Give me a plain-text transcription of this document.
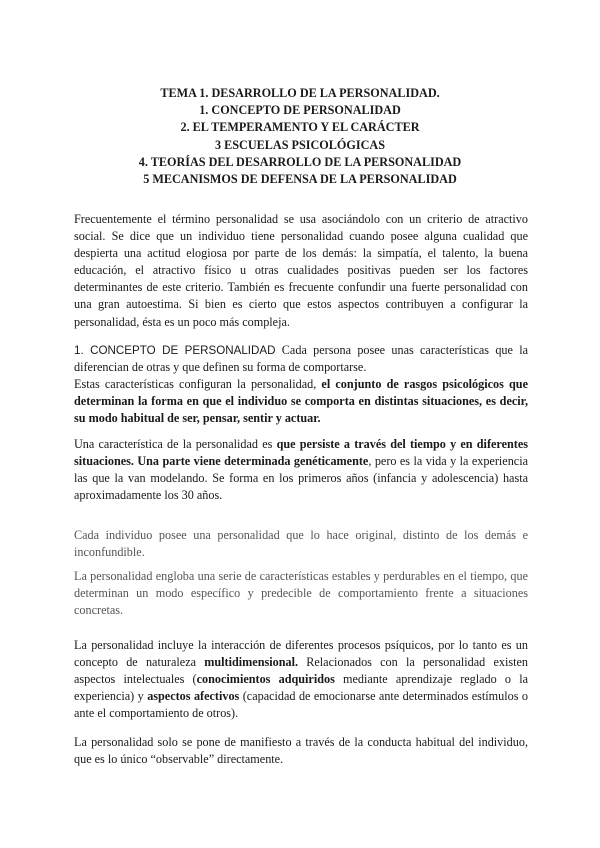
TEMA 1. DESARROLLO DE LA PERSONALIDAD.
1. CONCEPTO DE PERSONALIDAD
2. EL TEMPERAMENTO Y EL CARÁCTER
3 ESCUELAS PSICOLÓGICAS
4. TEORÍAS DEL DESARROLLO DE LA PERSONALIDAD
5 MECANISMOS DE DEFENSA DE LA PERSONALIDAD

Frecuentemente el término personalidad se usa asociándolo con un criterio de atractivo social. Se dice que un individuo tiene personalidad cuando posee alguna cualidad que despierta una actitud elogiosa por parte de los demás: la simpatía, el talento, la buena educación, el atractivo físico u otras cualidades positivas pueden ser los factores determinantes de este criterio. También es frecuente confundir una fuerte personalidad con una gran autoestima. Si bien es cierto que estos aspectos contribuyen a configurar la personalidad, ésta es un poco más compleja.

1. CONCEPTO DE PERSONALIDAD Cada persona posee unas características que la diferencian de otras y que definen su forma de comportarse.

Estas características configuran la personalidad, el conjunto de rasgos psicológicos que determinan la forma en que el individuo se comporta en distintas situaciones, es decir, su modo habitual de ser, pensar, sentir y actuar.

Una característica de la personalidad es que persiste a través del tiempo y en diferentes situaciones. Una parte viene determinada genéticamente, pero es la vida y la experiencia las que la van modelando. Se forma en los primeros años (infancia y adolescencia) hasta aproximadamente los 30 años.

Cada individuo posee una personalidad que lo hace original, distinto de los demás e inconfundible.

La personalidad engloba una serie de características estables y perdurables en el tiempo, que determinan un modo específico y predecible de comportamiento frente a situaciones concretas.

La personalidad incluye la interacción de diferentes procesos psíquicos, por lo tanto es un concepto de naturaleza multidimensional. Relacionados con la personalidad existen aspectos intelectuales (conocimientos adquiridos mediante aprendizaje reglado o la experiencia) y aspectos afectivos (capacidad de emocionarse ante determinados estímulos o ante el comportamiento de otros).

La personalidad solo se pone de manifiesto a través de la conducta habitual del individuo, que es lo único “observable” directamente.
